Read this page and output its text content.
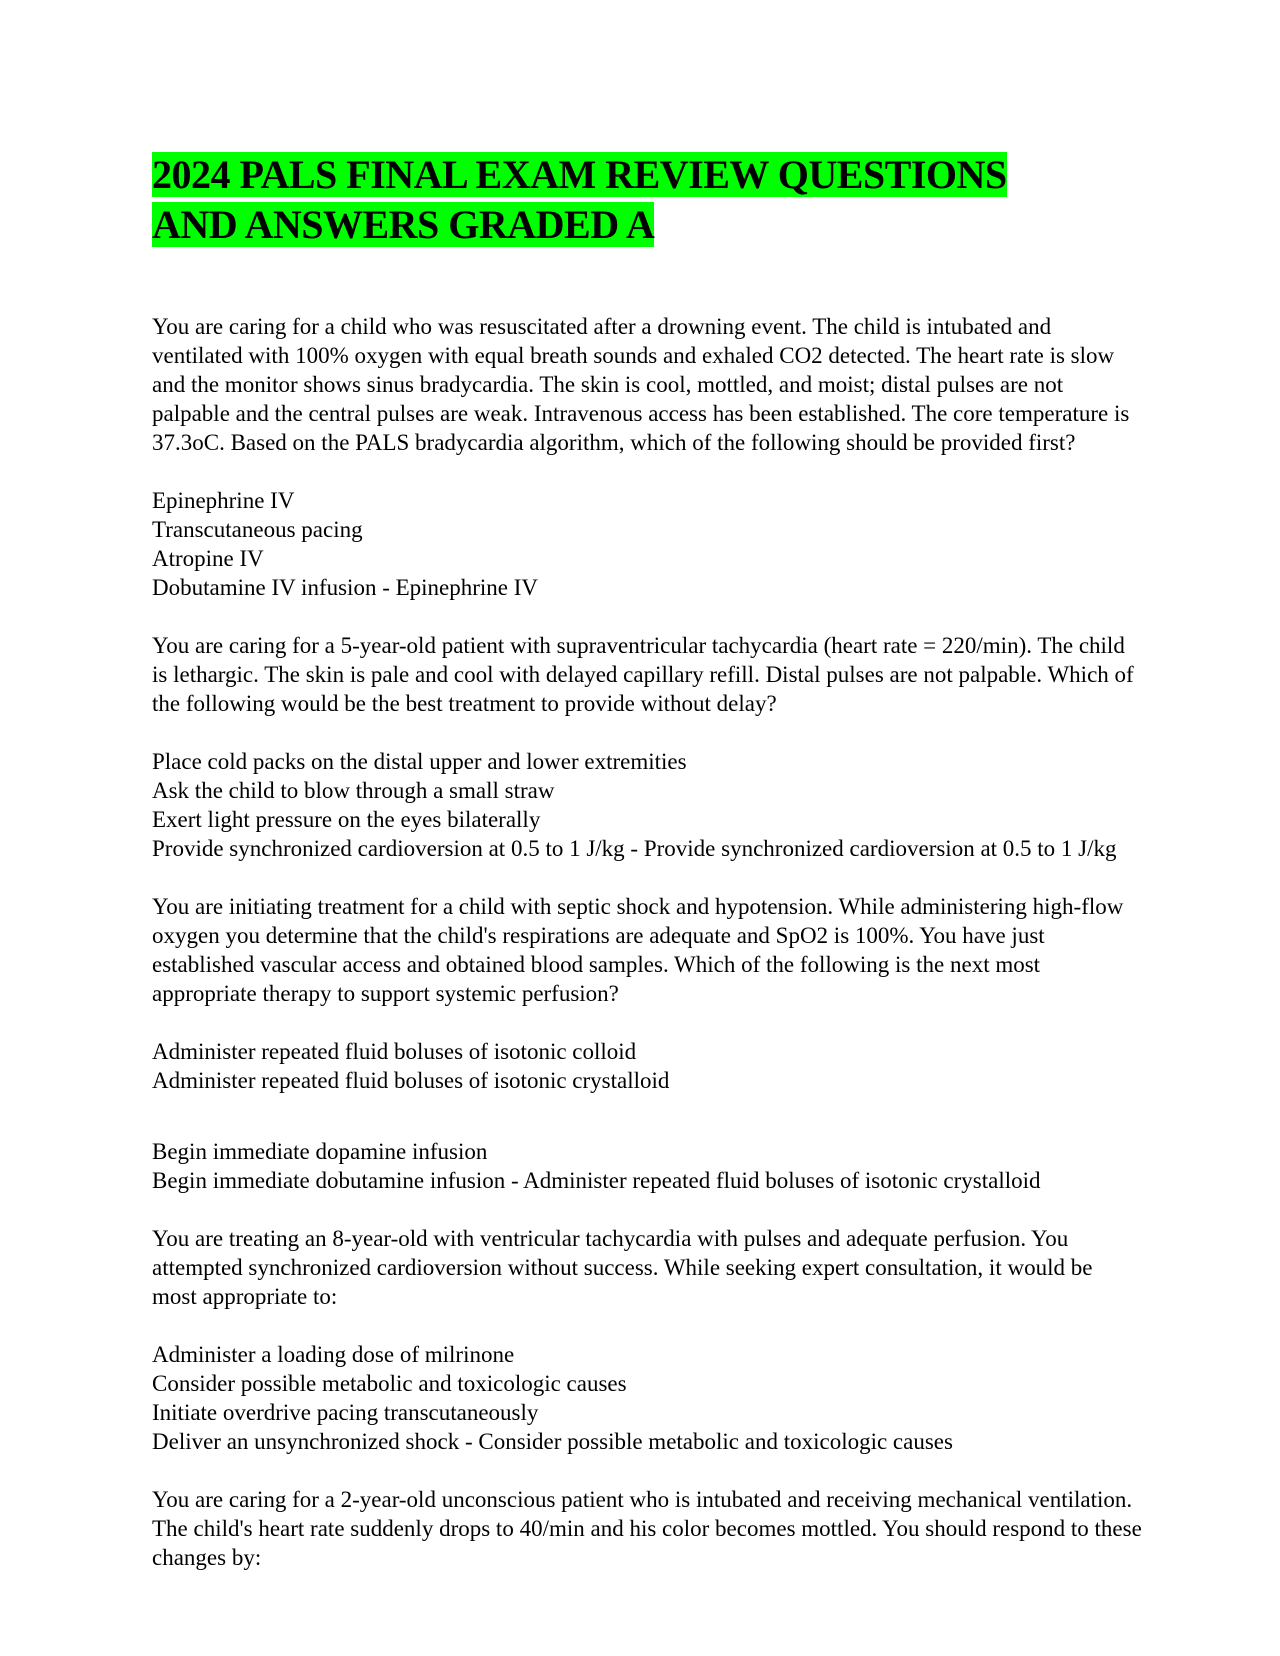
2024 PALS FINAL EXAM REVIEW QUESTIONS
AND ANSWERS GRADED A

You are caring for a child who was resuscitated after a drowning event. The child is intubated and ventilated with 100% oxygen with equal breath sounds and exhaled CO2 detected. The heart rate is slow and the monitor shows sinus bradycardia. The skin is cool, mottled, and moist; distal pulses are not palpable and the central pulses are weak. Intravenous access has been established. The core temperature is 37.3oC. Based on the PALS bradycardia algorithm, which of the following should be provided first?

Epinephrine IV
Transcutaneous pacing
Atropine IV
Dobutamine IV infusion - Epinephrine IV

You are caring for a 5-year-old patient with supraventricular tachycardia (heart rate = 220/min). The child is lethargic. The skin is pale and cool with delayed capillary refill. Distal pulses are not palpable. Which of the following would be the best treatment to provide without delay?

Place cold packs on the distal upper and lower extremities
Ask the child to blow through a small straw
Exert light pressure on the eyes bilaterally
Provide synchronized cardioversion at 0.5 to 1 J/kg - Provide synchronized cardioversion at 0.5 to 1 J/kg

You are initiating treatment for a child with septic shock and hypotension. While administering high-flow oxygen you determine that the child's respirations are adequate and SpO2 is 100%. You have just established vascular access and obtained blood samples. Which of the following is the next most appropriate therapy to support systemic perfusion?

Administer repeated fluid boluses of isotonic colloid
Administer repeated fluid boluses of isotonic crystalloid
Begin immediate dopamine infusion
Begin immediate dobutamine infusion - Administer repeated fluid boluses of isotonic crystalloid

You are treating an 8-year-old with ventricular tachycardia with pulses and adequate perfusion. You attempted synchronized cardioversion without success. While seeking expert consultation, it would be most appropriate to:

Administer a loading dose of milrinone
Consider possible metabolic and toxicologic causes
Initiate overdrive pacing transcutaneously
Deliver an unsynchronized shock - Consider possible metabolic and toxicologic causes

You are caring for a 2-year-old unconscious patient who is intubated and receiving mechanical ventilation. The child's heart rate suddenly drops to 40/min and his color becomes mottled. You should respond to these changes by:
